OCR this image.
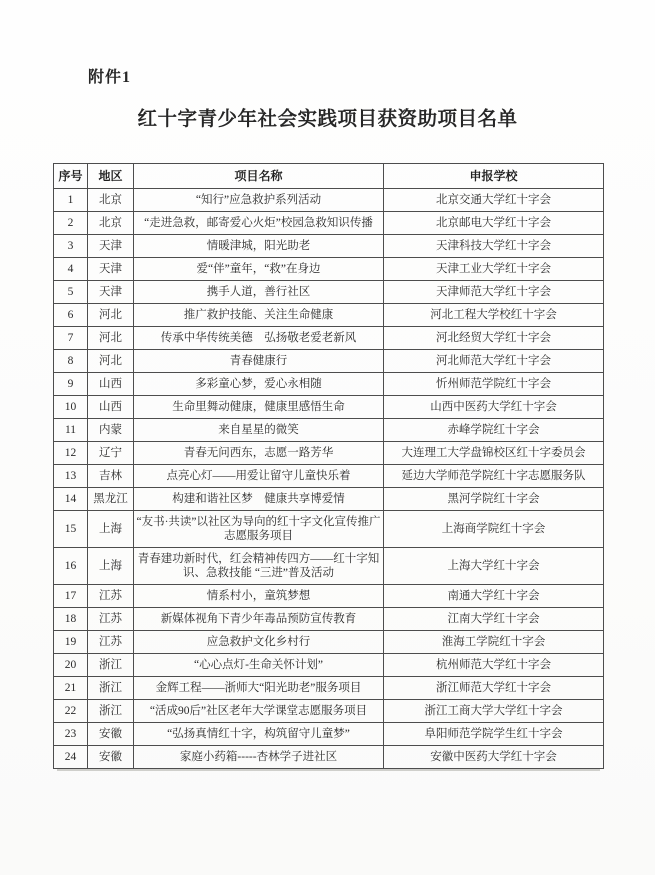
附件1
红十字青少年社会实践项目获资助项目名单
序号	地区	项目名称	申报学校
1	北京	“知行”应急救护系列活动	北京交通大学红十字会
2	北京	“走进急救，邮寄爱心火炬”校园急救知识传播	北京邮电大学红十字会
3	天津	情暖津城，阳光助老	天津科技大学红十字会
4	天津	爱“伴”童年，“救”在身边	天津工业大学红十字会
5	天津	携手人道，善行社区	天津师范大学红十字会
6	河北	推广救护技能、关注生命健康	河北工程大学校红十字会
7	河北	传承中华传统美德　弘扬敬老爱老新风	河北经贸大学红十字会
8	河北	青春健康行	河北师范大学红十字会
9	山西	多彩童心梦，爱心永相随	忻州师范学院红十字会
10	山西	生命里舞动健康，健康里感悟生命	山西中医药大学红十字会
11	内蒙	来自星星的微笑	赤峰学院红十字会
12	辽宁	青春无问西东，志愿一路芳华	大连理工大学盘锦校区红十字委员会
13	吉林	点亮心灯——用爱让留守儿童快乐着	延边大学师范学院红十字志愿服务队
14	黑龙江	构建和谐社区梦　健康共享博爱情	黑河学院红十字会
15	上海	“友书·共读”以社区为导向的红十字文化宣传推广志愿服务项目	上海商学院红十字会
16	上海	青春建功新时代，红会精神传四方——红十字知识、急救技能 “三进”普及活动	上海大学红十字会
17	江苏	情系村小，童筑梦想	南通大学红十字会
18	江苏	新媒体视角下青少年毒品预防宣传教育	江南大学红十字会
19	江苏	应急救护文化乡村行	淮海工学院红十字会
20	浙江	“心心点灯-生命关怀计划”	杭州师范大学红十字会
21	浙江	金辉工程——浙师大“阳光助老”服务项目	浙江师范大学红十字会
22	浙江	“活成90后”社区老年大学课堂志愿服务项目	浙江工商大学大学红十字会
23	安徽	“弘扬真情红十字，构筑留守儿童梦”	阜阳师范学院学生红十字会
24	安徽	家庭小药箱-----杏林学子进社区	安徽中医药大学红十字会
